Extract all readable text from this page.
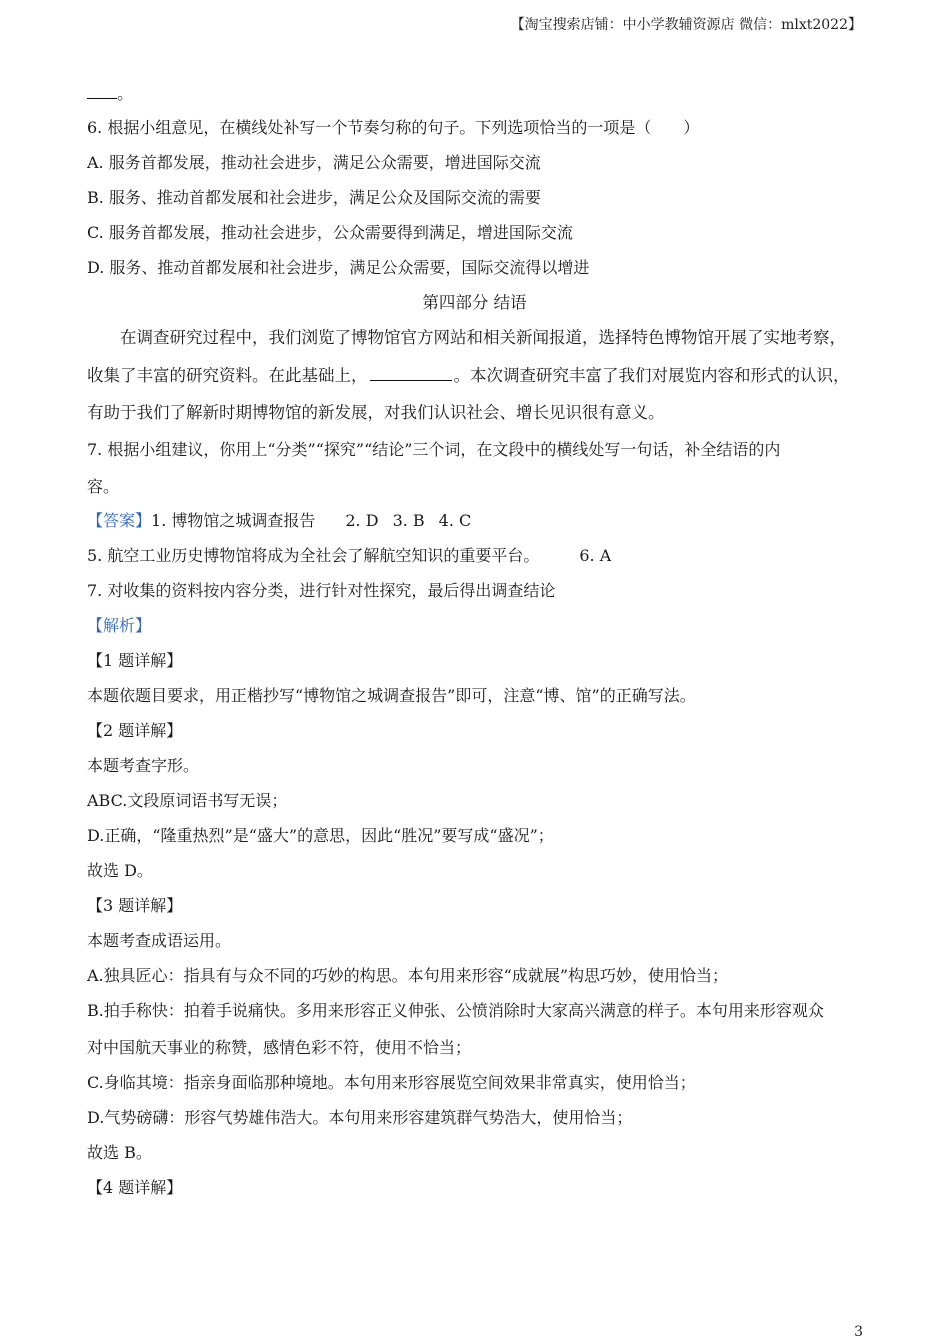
【淘宝搜索店铺：中小学教辅资源店 微信：mlxt2022】
。
6. 根据小组意见，在横线处补写一个节奏匀称的句子。下列选项恰当的一项是（　　）
A. 服务首都发展，推动社会进步，满足公众需要，增进国际交流
B. 服务、推动首都发展和社会进步，满足公众及国际交流的需要
C. 服务首都发展，推动社会进步，公众需要得到满足，增进国际交流
D. 服务、推动首都发展和社会进步，满足公众需要，国际交流得以增进
第四部分 结语
在调查研究过程中，我们浏览了博物馆官方网站和相关新闻报道，选择特色博物馆开展了实地考察，
收集了丰富的研究资料。在此基础上，	。本次调查研究丰富了我们对展览内容和形式的认识，
有助于我们了解新时期博物馆的新发展，对我们认识社会、增长见识很有意义。
7. 根据小组建议，你用上“分类”“探究”“结论”三个词，在文段中的横线处写一句话，补全结语的内
容。
【答案】1. 博物馆之城调查报告 2. D 3. B 4. C
5. 航空工业历史博物馆将成为全社会了解航空知识的重要平台。	6. A
7. 对收集的资料按内容分类，进行针对性探究，最后得出调查结论
【解析】
【1 题详解】
本题依题目要求，用正楷抄写“博物馆之城调查报告”即可，注意“博、馆”的正确写法。
【2 题详解】
本题考查字形。
ABC.文段原词语书写无误；
D.正确，“隆重热烈”是“盛大”的意思，因此“胜况”要写成“盛况”；
故选 D。
【3 题详解】
本题考查成语运用。
A.独具匠心：指具有与众不同的巧妙的构思。本句用来形容“成就展”构思巧妙，使用恰当；
B.拍手称快：拍着手说痛快。多用来形容正义伸张、公愤消除时大家高兴满意的样子。本句用来形容观众
对中国航天事业的称赞，感情色彩不符，使用不恰当；
C.身临其境：指亲身面临那种境地。本句用来形容展览空间效果非常真实，使用恰当；
D.气势磅礴：形容气势雄伟浩大。本句用来形容建筑群气势浩大，使用恰当；
故选 B。
【4 题详解】
3
